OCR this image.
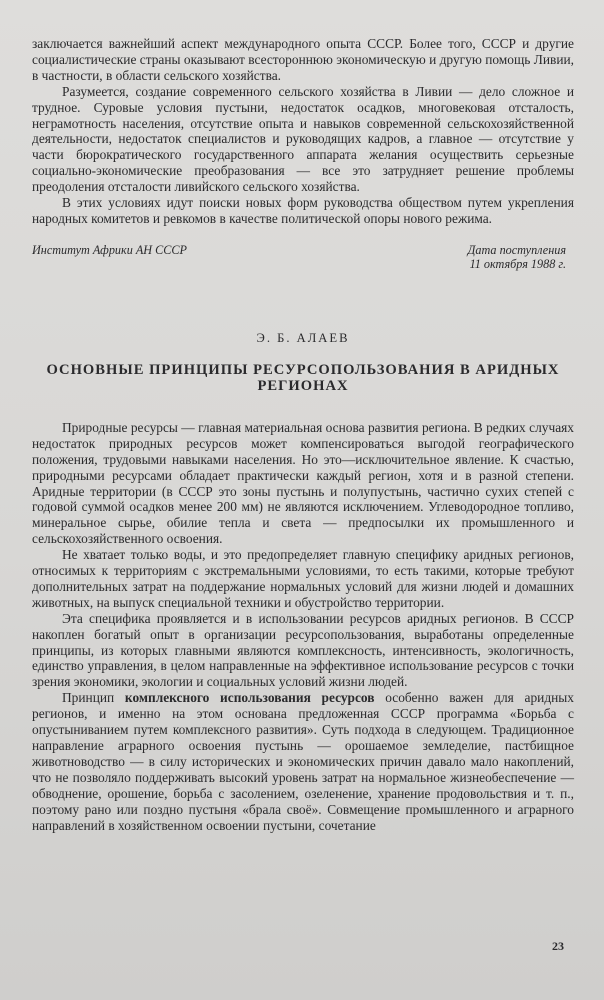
заключается важнейший аспект международного опыта СССР. Более того, СССР и другие социалистические страны оказывают всестороннюю экономическую и другую помощь Ливии, в частности, в области сельского хозяйства.

Разумеется, создание современного сельского хозяйства в Ливии — дело сложное и трудное. Суровые условия пустыни, недостаток осадков, многовековая отсталость, неграмотность населения, отсутствие опыта и навыков современной сельскохозяйственной деятельности, недостаток специалистов и руководящих кадров, а главное — отсутствие у части бюрократического государственного аппарата желания осуществить серьезные социально-экономические преобразования — все это затрудняет решение проблемы преодоления отсталости ливийского сельского хозяйства.

В этих условиях идут поиски новых форм руководства обществом путем укрепления народных комитетов и ревкомов в качестве политической опоры нового режима.

Институт Африки АН СССР	Дата поступления
11 октября 1988 г.
Э. Б. АЛАЕВ
ОСНОВНЫЕ ПРИНЦИПЫ РЕСУРСОПОЛЬЗОВАНИЯ В АРИДНЫХ
РЕГИОНАХ

Природные ресурсы — главная материальная основа развития региона. В редких случаях недостаток природных ресурсов может компенсироваться выгодой географического положения, трудовыми навыками населения. Но это—исключительное явление. К счастью, природными ресурсами обладает практически каждый регион, хотя и в разной степени. Аридные территории (в СССР это зоны пустынь и полупустынь, частично сухих степей с годовой суммой осадков менее 200 мм) не являются исключением. Углеводородное топливо, минеральное сырье, обилие тепла и света — предпосылки их промышленного и сельскохозяйственного освоения.

Не хватает только воды, и это предопределяет главную специфику аридных регионов, относимых к территориям с экстремальными условиями, то есть такими, которые требуют дополнительных затрат на поддержание нормальных условий для жизни людей и домашних животных, на выпуск специальной техники и обустройство территории.

Эта специфика проявляется и в использовании ресурсов аридных регионов. В СССР накоплен богатый опыт в организации ресурсопользования, выработаны определенные принципы, из которых главными являются комплексность, интенсивность, экологичность, единство управления, в целом направленные на эффективное использование ресурсов с точки зрения экономики, экологии и социальных условий жизни людей.

Принцип комплексного использования ресурсов особенно важен для аридных регионов, и именно на этом основана предложенная СССР программа «Борьба с опустыниванием путем комплексного развития». Суть подхода в следующем. Традиционное направление аграрного освоения пустынь — орошаемое земледелие, пастбищное животноводство — в силу исторических и экономических причин давало мало накоплений, что не позволяло поддерживать высокий уровень затрат на нормальное жизнеобеспечение — обводнение, орошение, борьба с засолением, озеленение, хранение продовольствия и т. п., поэтому рано или поздно пустыня «брала своё». Совмещение промышленного и аграрного направлений в хозяйственном освоении пустыни, сочетание

23
